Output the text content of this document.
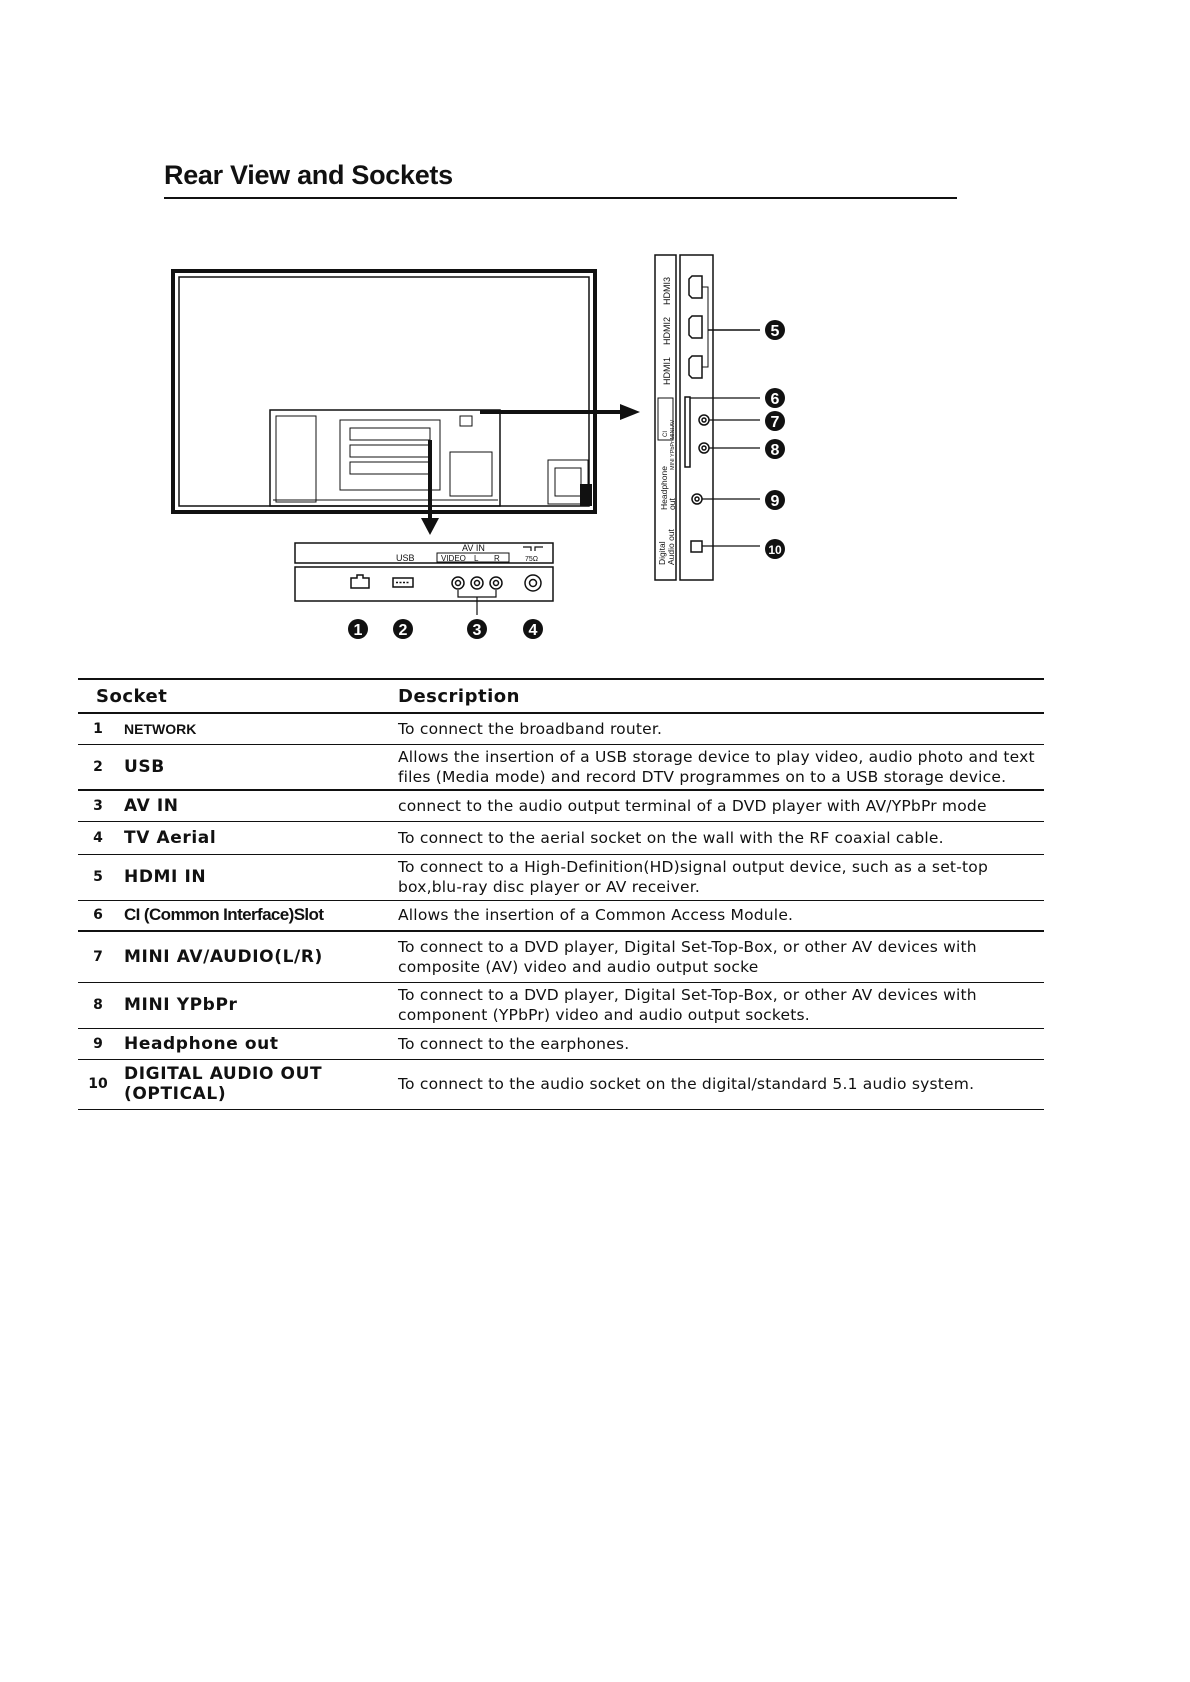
Rear View and Sockets
USB
AV IN
VIDEO L R	75Ω
HDMI3
HDMI2
HDMI1
CI MINI YPbPr MINI AV
Headphone
out
Digital Audio out
1 2	3	4
5
6
7
8
9
10
Socket		Description
1	NETWORK	To connect the broadband router.
2	USB	Allows the insertion of a USB storage device to play video, audio photo and text files (Media mode) and record DTV programmes on to a USB storage device.
3	AV IN	connect to the audio output terminal of a DVD player with AV/YPbPr mode
4	TV Aerial	To connect to the aerial socket on the wall with the RF coaxial cable.
5	HDMI IN	To connect to a High-Definition(HD)signal output device, such as a set-top box,blu-ray disc player or AV receiver.
6	CI (Common Interface)Slot	Allows the insertion of a Common Access Module.
7	MINI AV/AUDIO(L/R)	To connect to a DVD player, Digital Set-Top-Box, or other AV devices with composite (AV) video and audio output socke
8	MINI YPbPr	To connect to a DVD player, Digital Set-Top-Box, or other AV devices with component (YPbPr) video and audio output sockets.
9	Headphone out	To connect to the earphones.
10	DIGITAL AUDIO OUT (OPTICAL)	To connect to the audio socket on the digital/standard 5.1 audio system.
